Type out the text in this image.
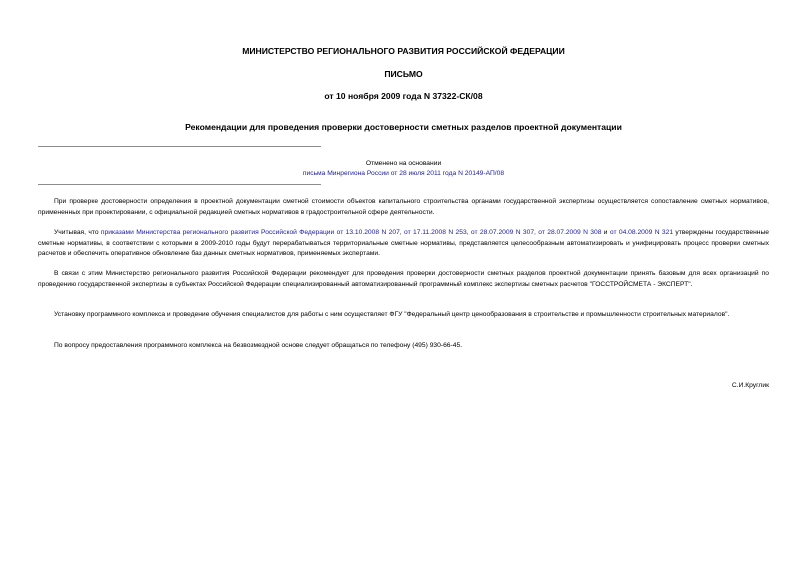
МИНИСТЕРСТВО РЕГИОНАЛЬНОГО РАЗВИТИЯ РОССИЙСКОЙ ФЕДЕРАЦИИ
ПИСЬМО
от 10 ноября 2009 года N 37322-СК/08
Рекомендации для проведения проверки достоверности сметных разделов проектной документации
Отменено на основании
письма Минрегиона России от 28 июля 2011 года N 20149-АП/08
При проверке достоверности определения в проектной документации сметной стоимости объектов капитального строительства органами государственной экспертизы осуществляется сопоставление сметных нормативов, примененных при проектировании, с официальной редакцией сметных нормативов в градостроительной сфере деятельности.
Учитывая, что приказами Министерства регионального развития Российской Федерации от 13.10.2008 N 207, от 17.11.2008 N 253, от 28.07.2009 N 307, от 28.07.2009 N 308 и от 04.08.2009 N 321 утверждены государственные сметные нормативы, в соответствии с которыми в 2009-2010 годы будут перерабатываться территориальные сметные нормативы, представляется целесообразным автоматизировать и унифицировать процесс проверки сметных расчетов и обеспечить оперативное обновление баз данных сметных нормативов, применяемых экспертами.
В связи с этим Министерство регионального развития Российской Федерации рекомендует для проведения проверки достоверности сметных разделов проектной документации принять базовым для всех организаций по проведению государственной экспертизы в субъектах Российской Федерации специализированный автоматизированный программный комплекс экспертизы сметных расчетов "ГОССТРОЙСМЕТА - ЭКСПЕРТ".
Установку программного комплекса и проведение обучения специалистов для работы с ним осуществляет ФГУ "Федеральный центр ценообразования в строительстве и промышленности строительных материалов".
По вопросу предоставления программного комплекса на безвозмездной основе следует обращаться по телефону (495) 930-66-45.
С.И.Круглик
